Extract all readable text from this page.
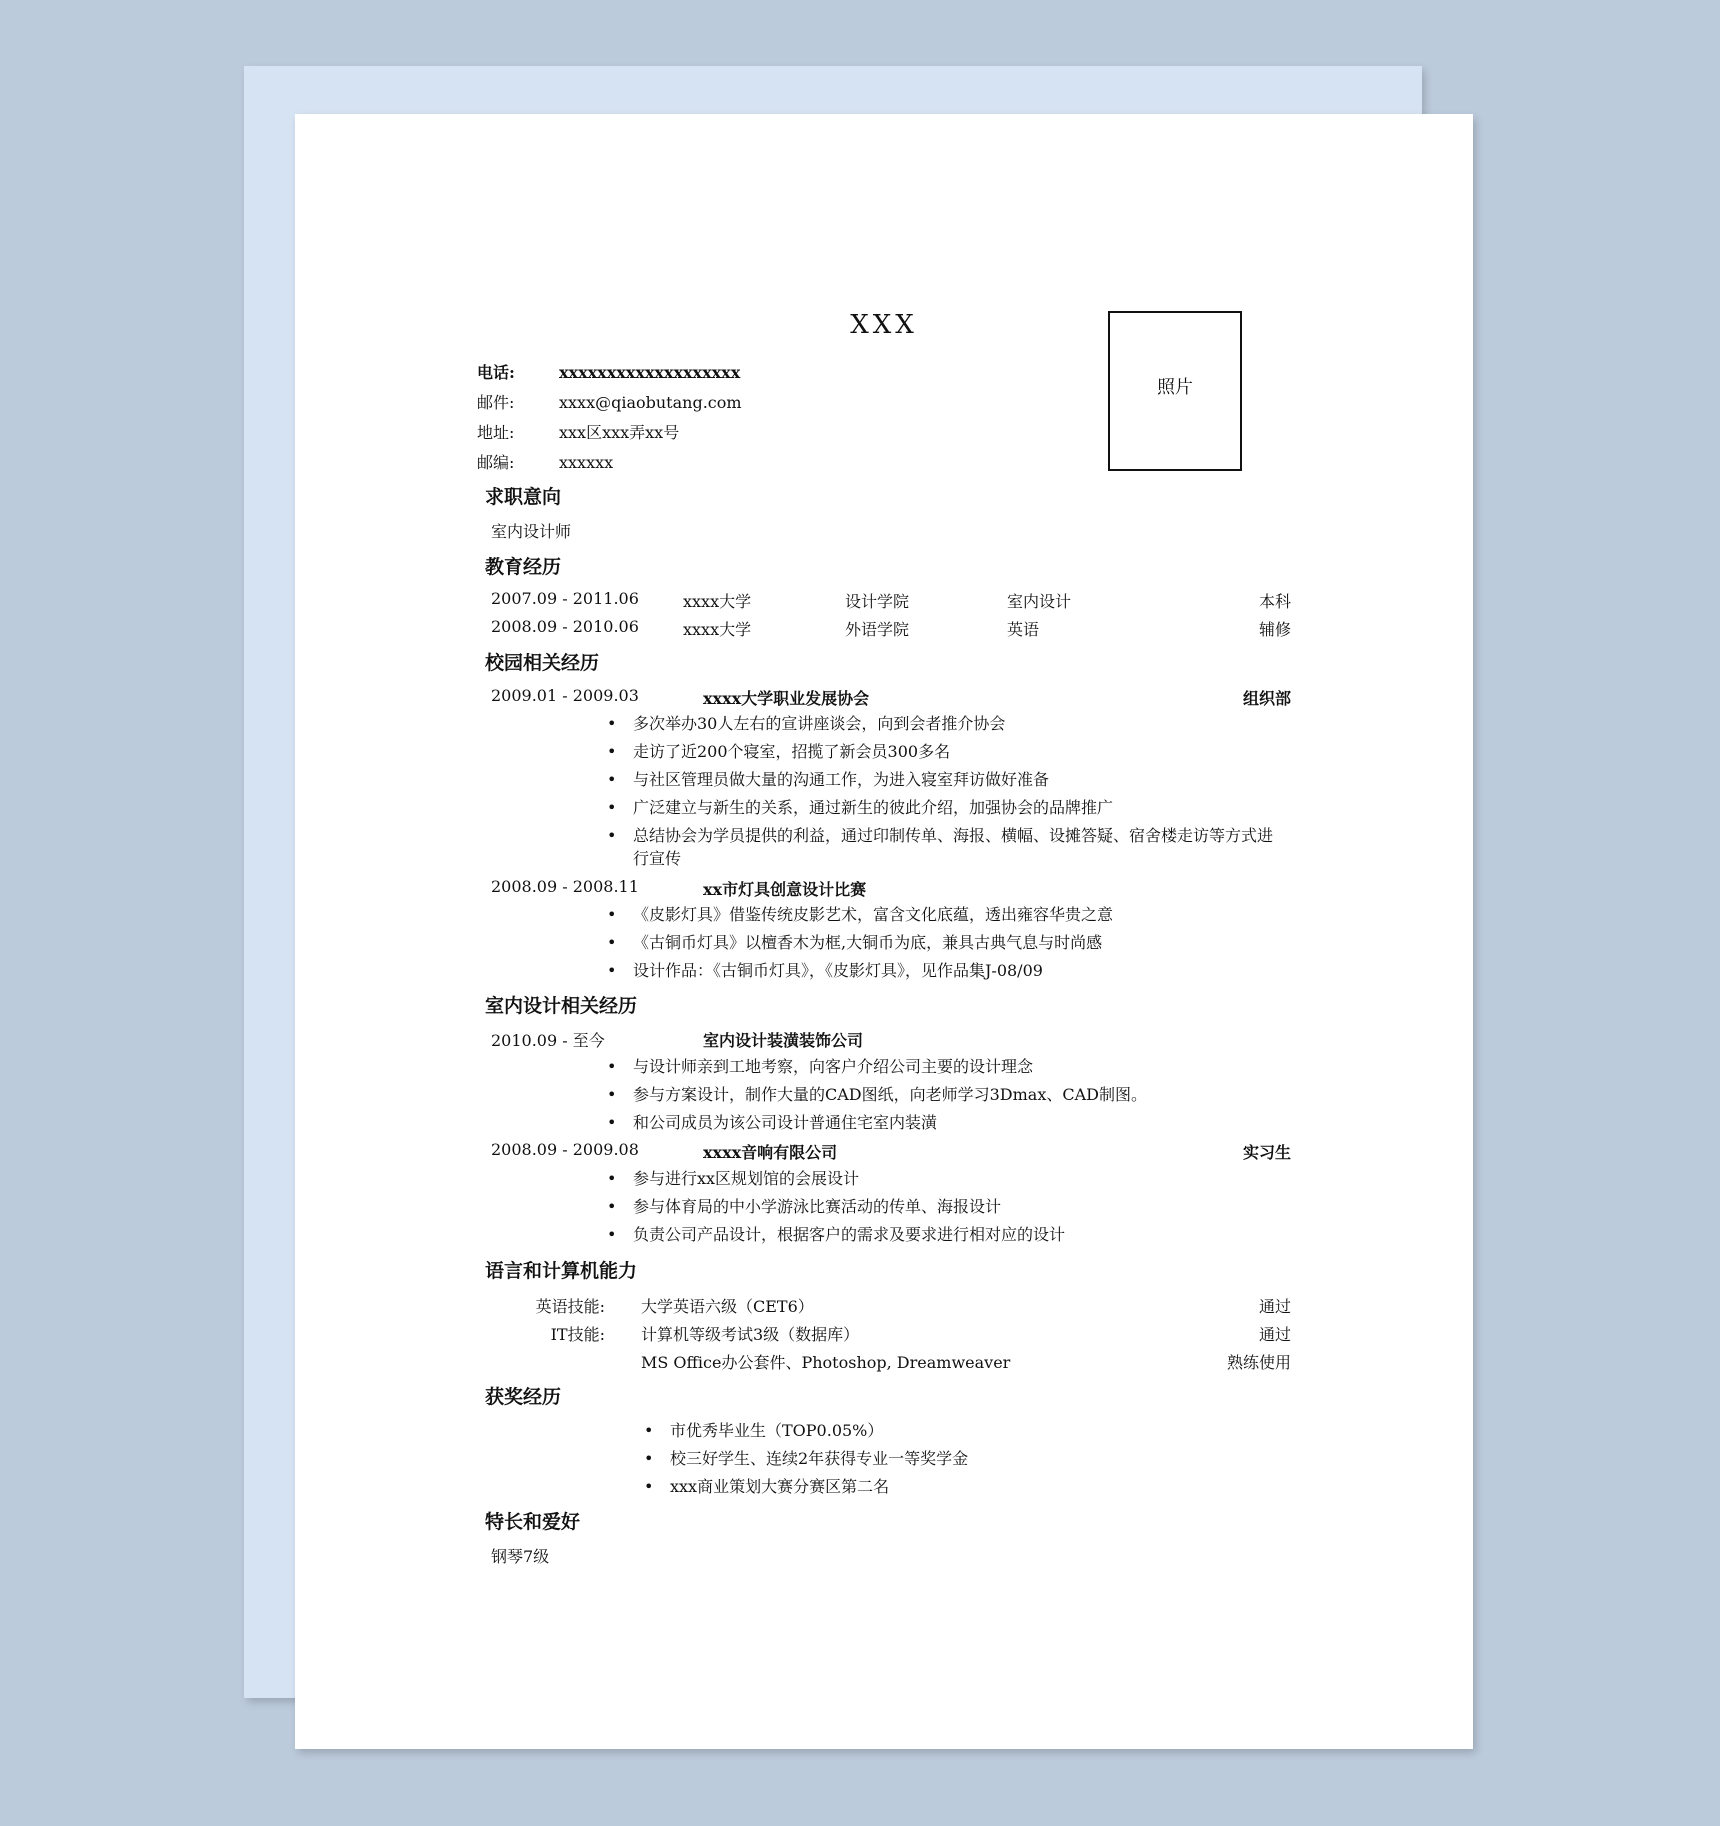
XXX
照片
电话:	xxxxxxxxxxxxxxxxxxx
邮件:	xxxx@qiaobutang.com
地址:	xxx区xxx弄xx号
邮编:	xxxxxx
求职意向
室内设计师
教育经历
2007.09 - 2011.06	xxxx大学	设计学院	室内设计	本科
2008.09 - 2010.06	xxxx大学	外语学院	英语	辅修
校园相关经历
2009.01 - 2009.03	xxxx大学职业发展协会	组织部
• 多次举办30人左右的宣讲座谈会，向到会者推介协会
• 走访了近200个寝室，招揽了新会员300多名
• 与社区管理员做大量的沟通工作，为进入寝室拜访做好准备
• 广泛建立与新生的关系，通过新生的彼此介绍，加强协会的品牌推广
• 总结协会为学员提供的利益，通过印制传单、海报、横幅、设摊答疑、宿舍楼走访等方式进行宣传
2008.09 - 2008.11	xx市灯具创意设计比赛
• 《皮影灯具》借鉴传统皮影艺术，富含文化底蕴，透出雍容华贵之意
• 《古铜币灯具》以檀香木为框,大铜币为底，兼具古典气息与时尚感
• 设计作品：《古铜币灯具》，《皮影灯具》，见作品集J-08/09
室内设计相关经历
2010.09 - 至今	室内设计装潢装饰公司
• 与设计师亲到工地考察，向客户介绍公司主要的设计理念
• 参与方案设计，制作大量的CAD图纸，向老师学习3Dmax、CAD制图。
• 和公司成员为该公司设计普通住宅室内装潢
2008.09 - 2009.08	xxxx音响有限公司	实习生
• 参与进行xx区规划馆的会展设计
• 参与体育局的中小学游泳比赛活动的传单、海报设计
• 负责公司产品设计，根据客户的需求及要求进行相对应的设计
语言和计算机能力
英语技能: 大学英语六级（CET6）	通过
IT技能: 计算机等级考试3级（数据库）	通过
MS Office办公套件、Photoshop, Dreamweaver	熟练使用
获奖经历
• 市优秀毕业生（TOP0.05%）
• 校三好学生、连续2年获得专业一等奖学金
• xxx商业策划大赛分赛区第二名
特长和爱好
钢琴7级
